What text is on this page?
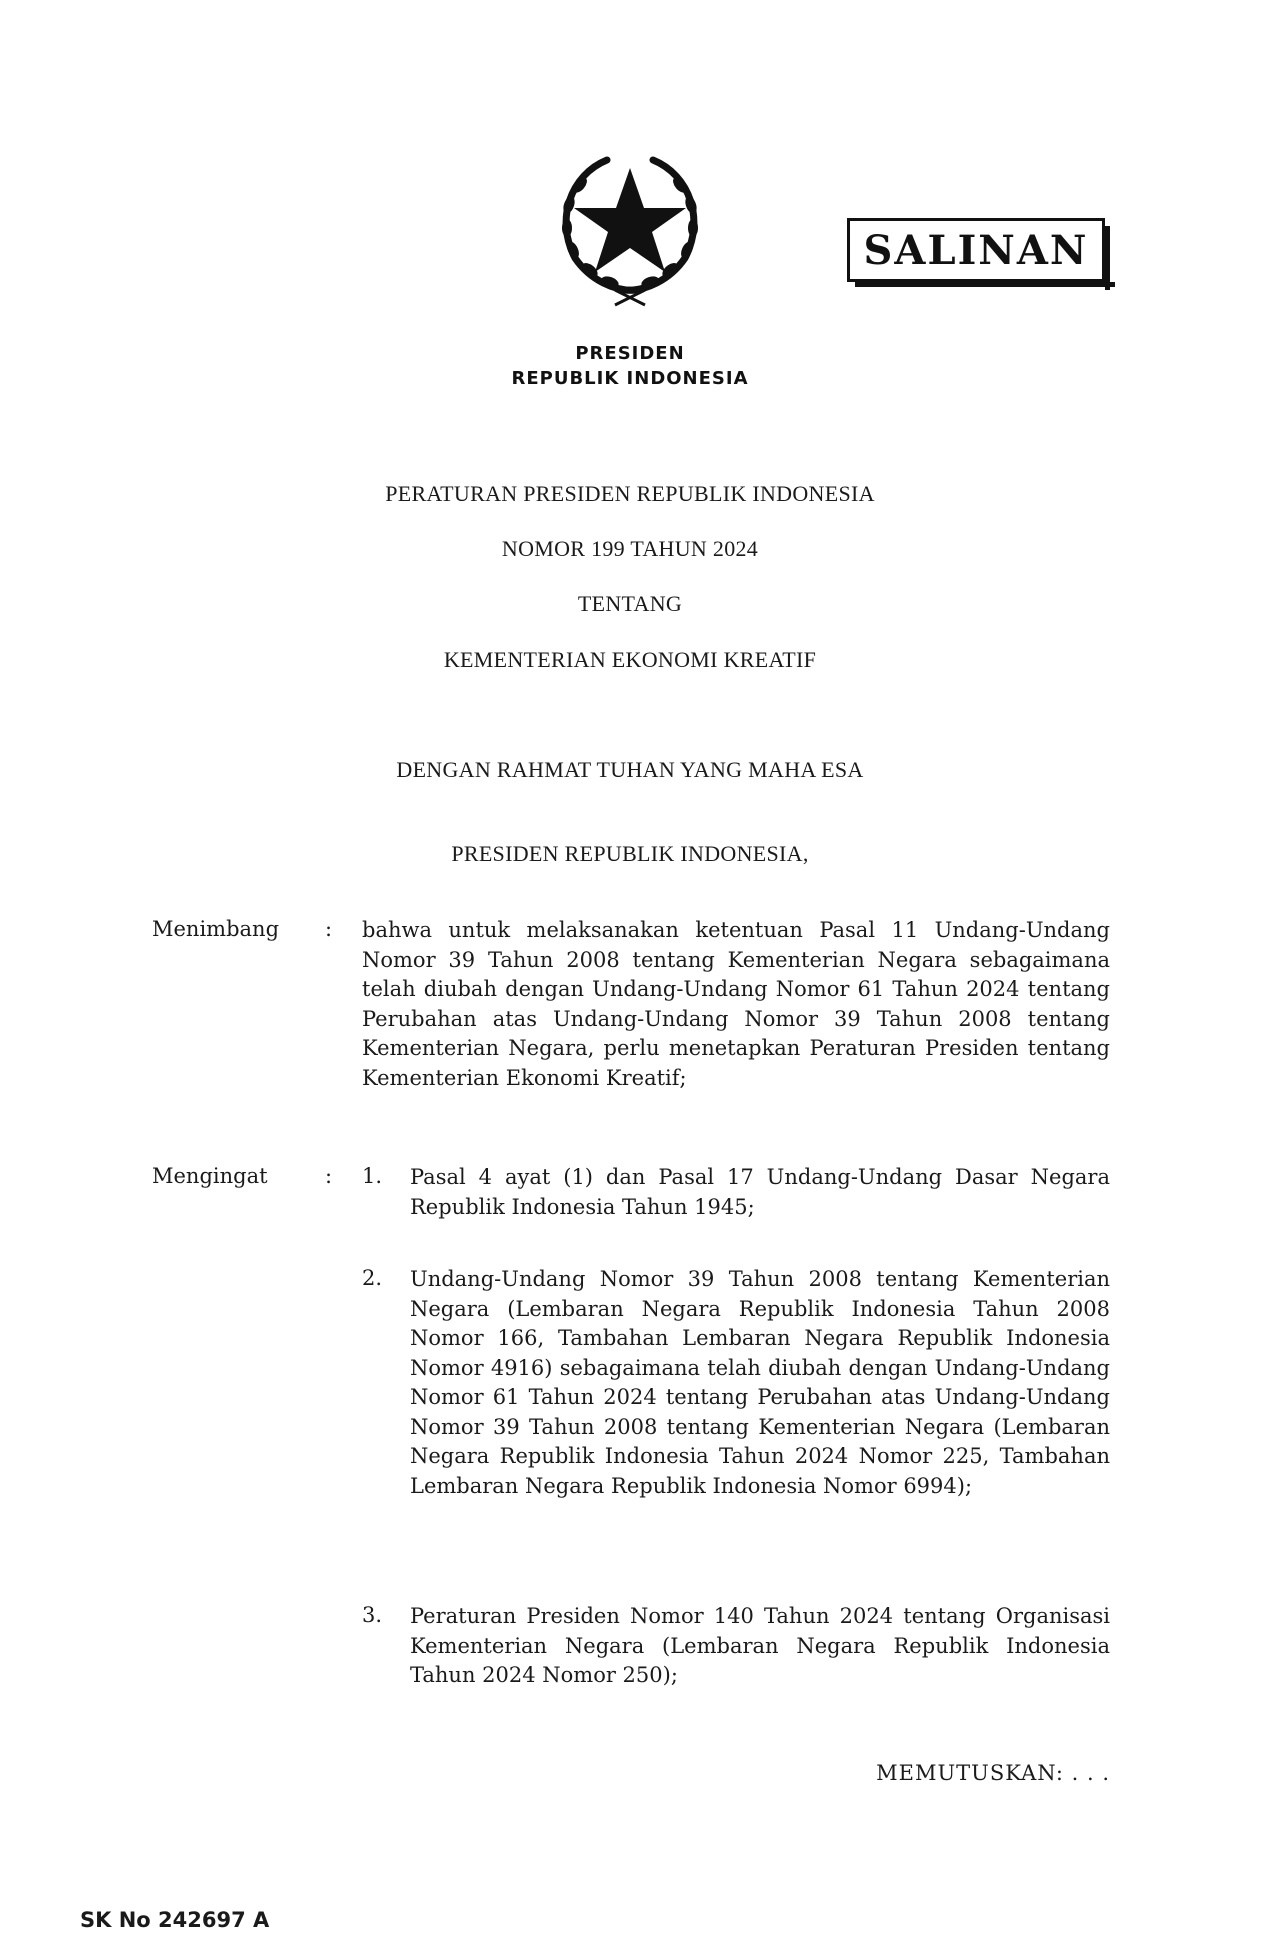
SALINAN
PRESIDEN
REPUBLIK INDONESIA
PERATURAN PRESIDEN REPUBLIK INDONESIA
NOMOR 199 TAHUN 2024
TENTANG
KEMENTERIAN EKONOMI KREATIF
DENGAN RAHMAT TUHAN YANG MAHA ESA
PRESIDEN REPUBLIK INDONESIA,
Menimbang : bahwa untuk melaksanakan ketentuan Pasal 11 Undang-Undang Nomor 39 Tahun 2008 tentang Kementerian Negara sebagaimana telah diubah dengan Undang-Undang Nomor 61 Tahun 2024 tentang Perubahan atas Undang-Undang Nomor 39 Tahun 2008 tentang Kementerian Negara, perlu menetapkan Peraturan Presiden tentang Kementerian Ekonomi Kreatif;
Mengingat	: 1. Pasal 4 ayat (1) dan Pasal 17 Undang-Undang Dasar Negara Republik Indonesia Tahun 1945;
2. Undang-Undang Nomor 39 Tahun 2008 tentang Kementerian Negara (Lembaran Negara Republik Indonesia Tahun 2008 Nomor 166, Tambahan Lembaran Negara Republik Indonesia Nomor 4916) sebagaimana telah diubah dengan Undang-Undang Nomor 61 Tahun 2024 tentang Perubahan atas Undang-Undang Nomor 39 Tahun 2008 tentang Kementerian Negara (Lembaran Negara Republik Indonesia Tahun 2024 Nomor 225, Tambahan Lembaran Negara Republik Indonesia Nomor 6994);
3. Peraturan Presiden Nomor 140 Tahun 2024 tentang Organisasi Kementerian Negara (Lembaran Negara Republik Indonesia Tahun 2024 Nomor 250);
MEMUTUSKAN: . . .
SK No 242697 A
